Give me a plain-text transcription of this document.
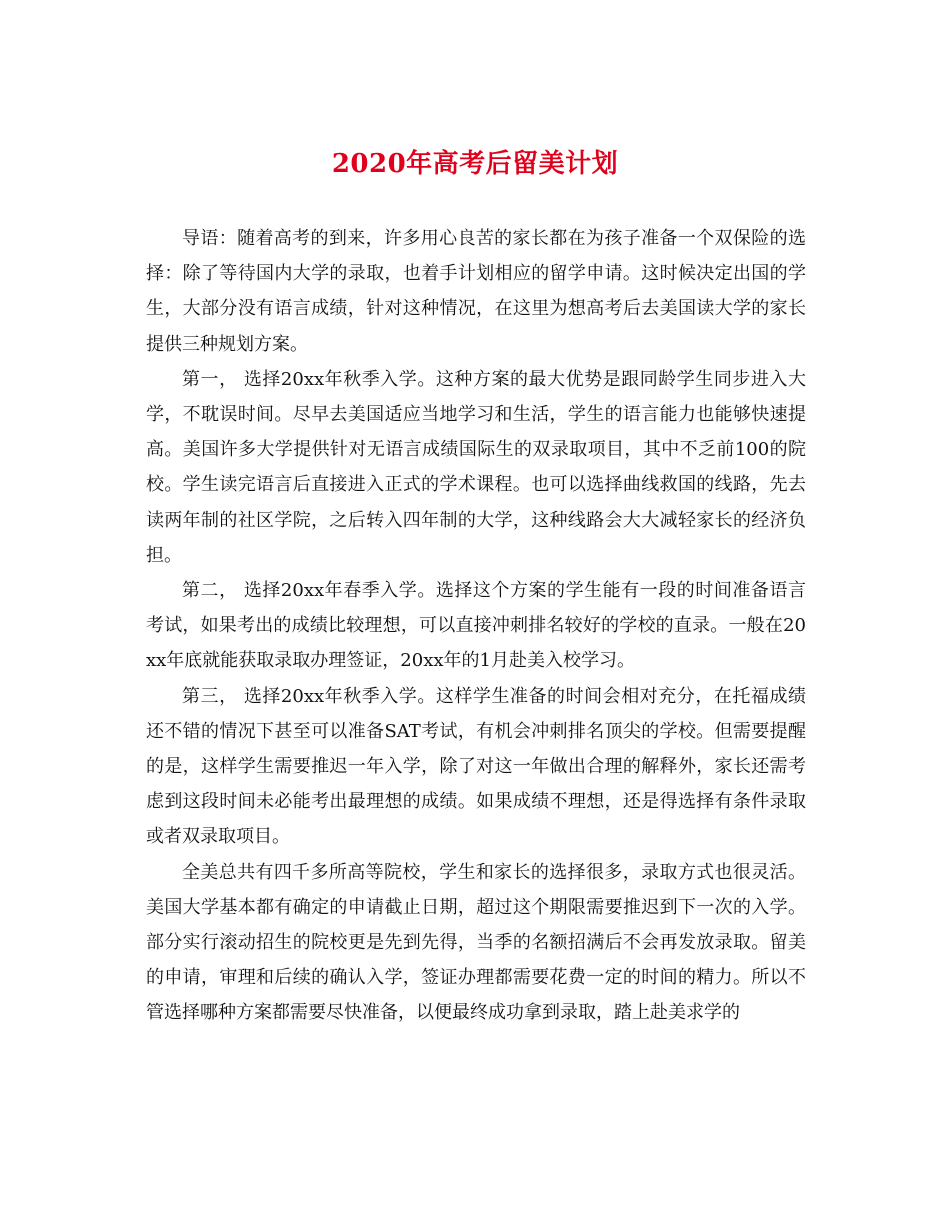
2020年高考后留美计划

导语：随着高考的到来，许多用心良苦的家长都在为孩子准备一个双保险的选择：除了等待国内大学的录取，也着手计划相应的留学申请。这时候决定出国的学生，大部分没有语言成绩，针对这种情况，在这里为想高考后去美国读大学的家长提供三种规划方案。

第一， 选择20xx年秋季入学。这种方案的最大优势是跟同龄学生同步进入大学，不耽误时间。尽早去美国适应当地学习和生活，学生的语言能力也能够快速提高。美国许多大学提供针对无语言成绩国际生的双录取项目，其中不乏前100的院校。学生读完语言后直接进入正式的学术课程。也可以选择曲线救国的线路，先去读两年制的社区学院，之后转入四年制的大学，这种线路会大大减轻家长的经济负担。

第二， 选择20xx年春季入学。选择这个方案的学生能有一段的时间准备语言考试，如果考出的成绩比较理想，可以直接冲刺排名较好的学校的直录。一般在20xx年底就能获取录取办理签证，20xx年的1月赴美入校学习。

第三， 选择20xx年秋季入学。这样学生准备的时间会相对充分，在托福成绩还不错的情况下甚至可以准备SAT考试，有机会冲刺排名顶尖的学校。但需要提醒的是，这样学生需要推迟一年入学，除了对这一年做出合理的解释外，家长还需考虑到这段时间未必能考出最理想的成绩。如果成绩不理想，还是得选择有条件录取或者双录取项目。

全美总共有四千多所高等院校，学生和家长的选择很多，录取方式也很灵活。美国大学基本都有确定的申请截止日期，超过这个期限需要推迟到下一次的入学。部分实行滚动招生的院校更是先到先得，当季的名额招满后不会再发放录取。留美的申请，审理和后续的确认入学，签证办理都需要花费一定的时间的精力。所以不管选择哪种方案都需要尽快准备，以便最终成功拿到录取，踏上赴美求学的
